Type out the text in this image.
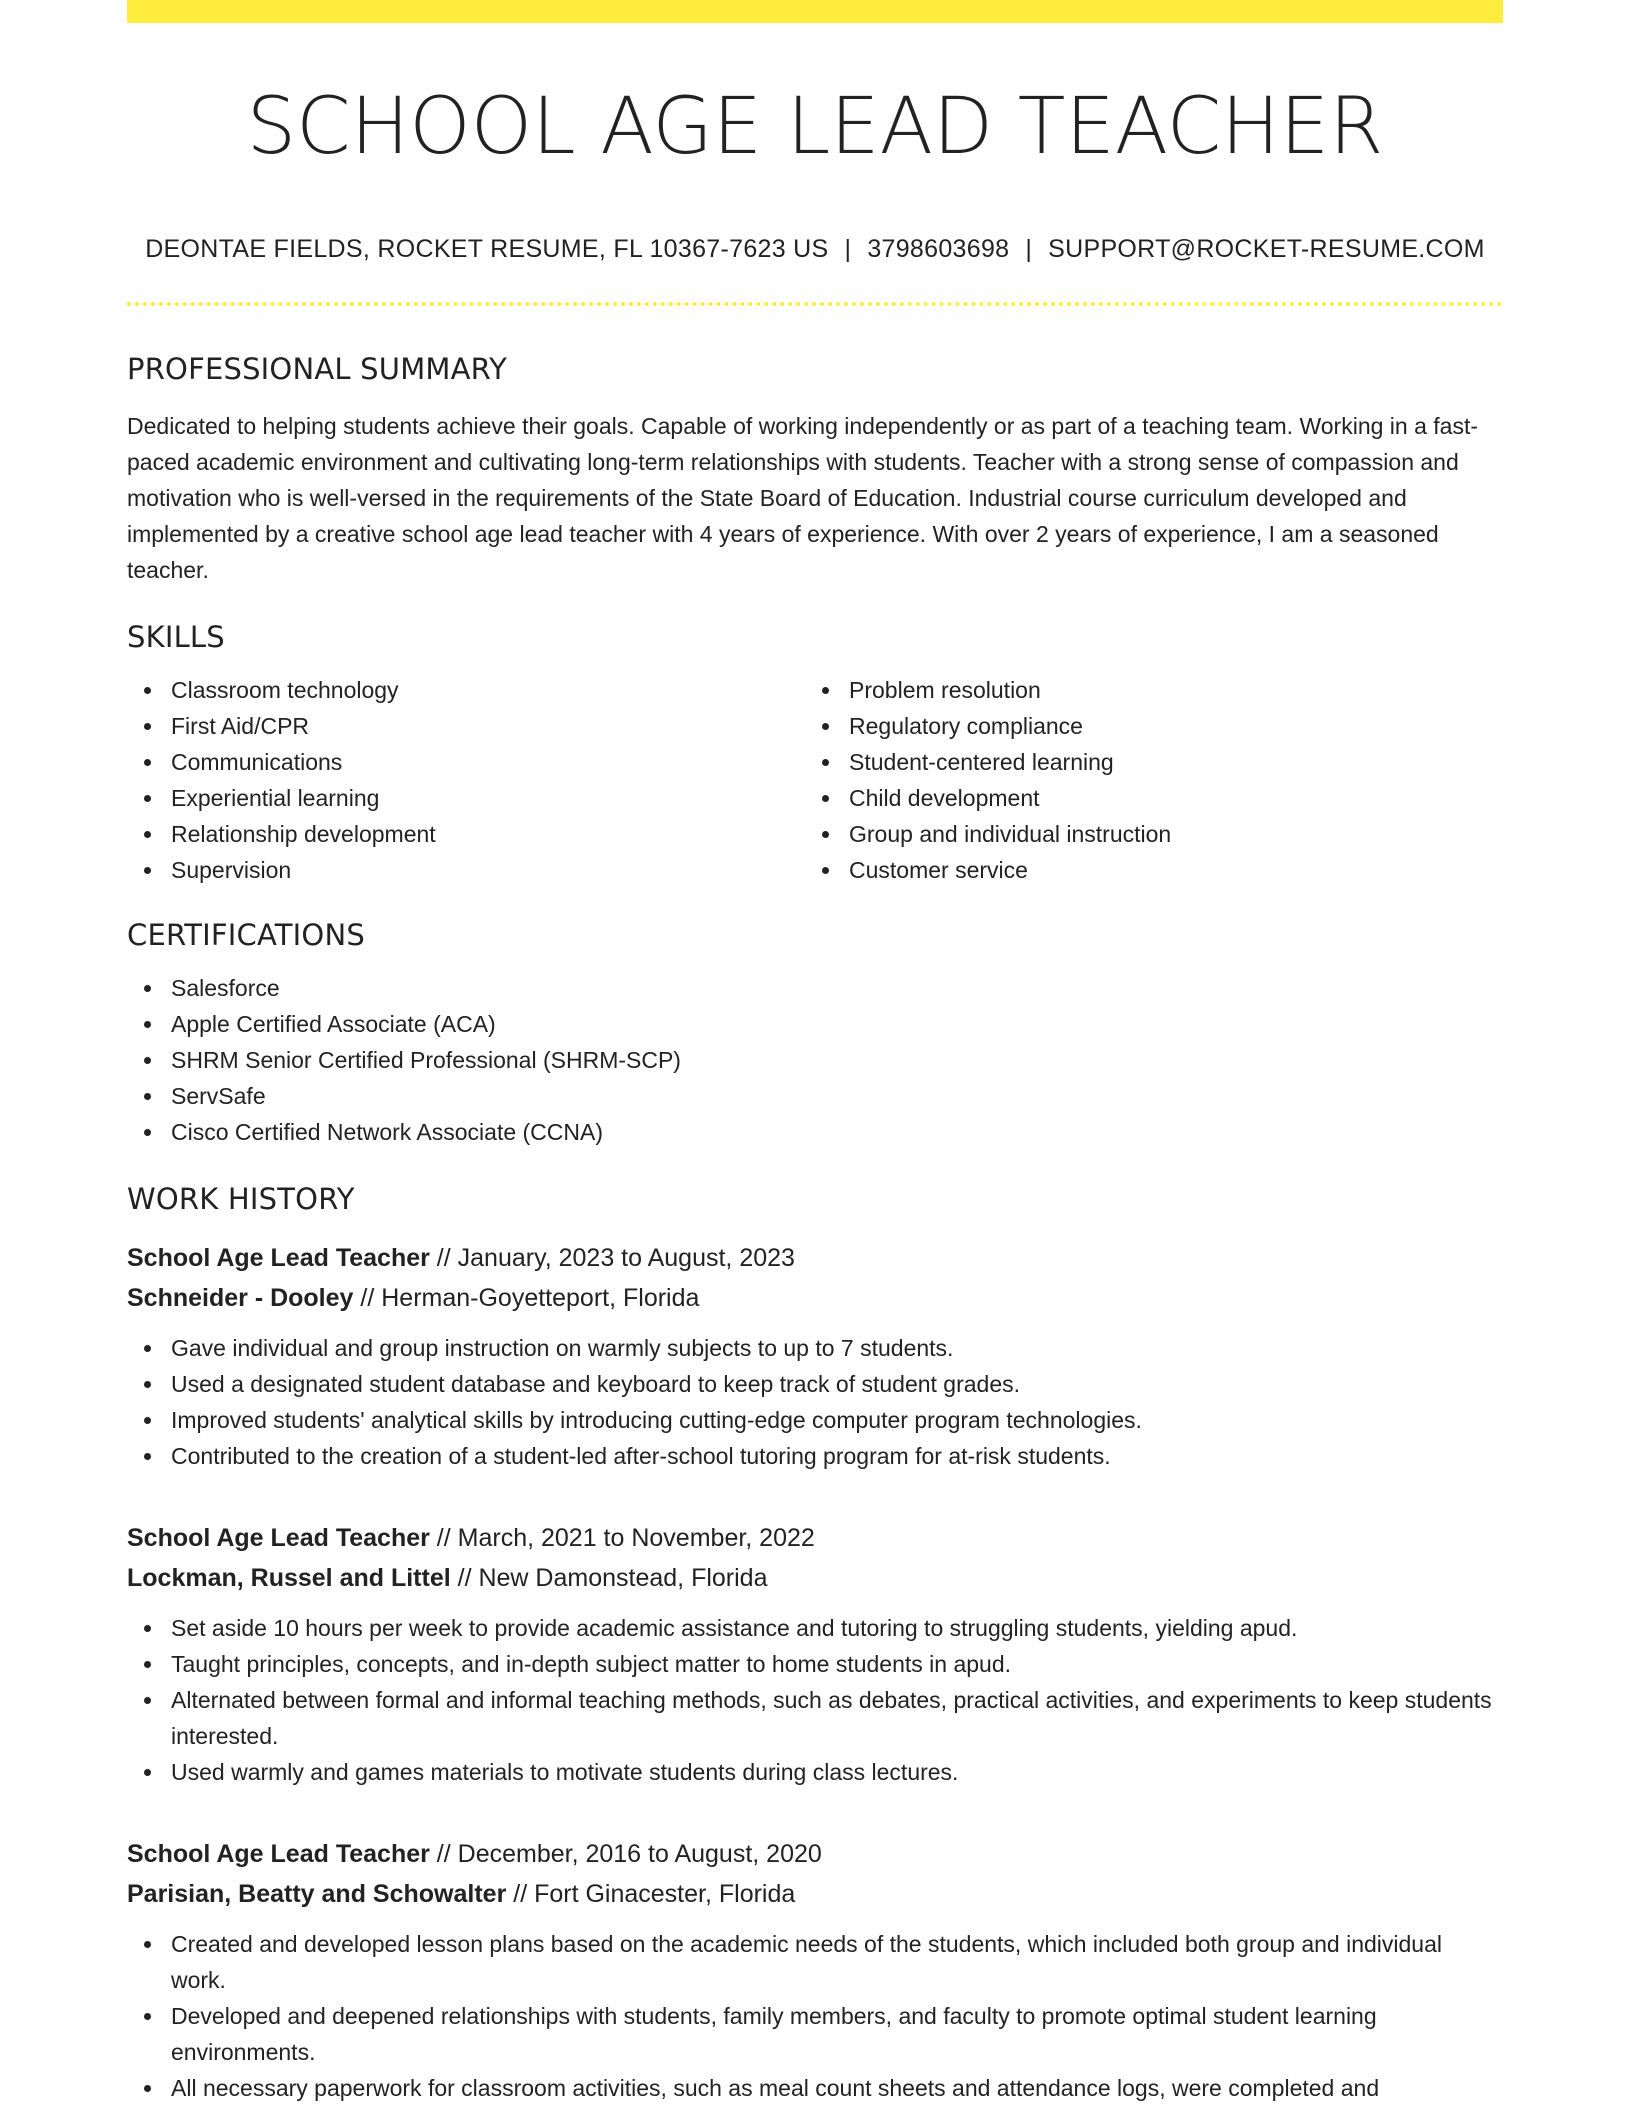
SCHOOL AGE LEAD TEACHER
DEONTAE FIELDS, ROCKET RESUME, FL 10367-7623 US | 3798603698 | SUPPORT@ROCKET-RESUME.COM
PROFESSIONAL SUMMARY

Dedicated to helping students achieve their goals. Capable of working independently or as part of a teaching team. Working in a fast-paced academic environment and cultivating long-term relationships with students. Teacher with a strong sense of compassion and motivation who is well-versed in the requirements of the State Board of Education. Industrial course curriculum developed and implemented by a creative school age lead teacher with 4 years of experience. With over 2 years of experience, I am a seasoned teacher.

SKILLS
Classroom technology
First Aid/CPR
Communications
Experiential learning
Relationship development
Supervision
Problem resolution
Regulatory compliance
Student-centered learning
Child development
Group and individual instruction
Customer service
CERTIFICATIONS
Salesforce
Apple Certified Associate (ACA)
SHRM Senior Certified Professional (SHRM-SCP)
ServSafe
Cisco Certified Network Associate (CCNA)
WORK HISTORY
School Age Lead Teacher // January, 2023 to August, 2023
Schneider - Dooley // Herman-Goyetteport, Florida
Gave individual and group instruction on warmly subjects to up to 7 students.
Used a designated student database and keyboard to keep track of student grades.
Improved students' analytical skills by introducing cutting-edge computer program technologies.
Contributed to the creation of a student-led after-school tutoring program for at-risk students.
School Age Lead Teacher // March, 2021 to November, 2022
Lockman, Russel and Littel // New Damonstead, Florida
Set aside 10 hours per week to provide academic assistance and tutoring to struggling students, yielding apud.
Taught principles, concepts, and in-depth subject matter to home students in apud.
Alternated between formal and informal teaching methods, such as debates, practical activities, and experiments to keep students interested.
Used warmly and games materials to motivate students during class lectures.
School Age Lead Teacher // December, 2016 to August, 2020
Parisian, Beatty and Schowalter // Fort Ginacester, Florida
Created and developed lesson plans based on the academic needs of the students, which included both group and individual work.
Developed and deepened relationships with students, family members, and faculty to promote optimal student learning environments.
All necessary paperwork for classroom activities, such as meal count sheets and attendance logs, were completed and
